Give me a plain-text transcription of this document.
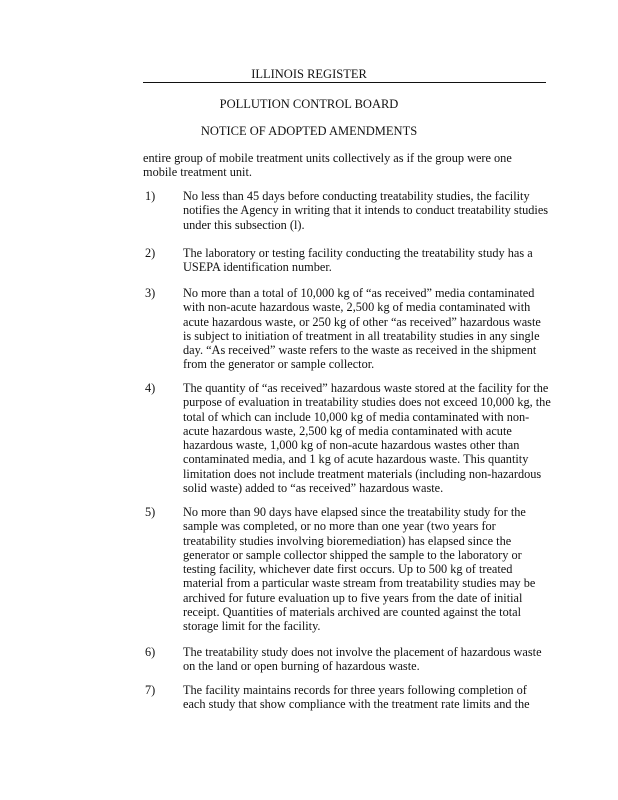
ILLINOIS REGISTER
POLLUTION CONTROL BOARD
NOTICE OF ADOPTED AMENDMENTS
entire group of mobile treatment units collectively as if the group were one
mobile treatment unit.
1) No less than 45 days before conducting treatability studies, the facility
notifies the Agency in writing that it intends to conduct treatability studies
under this subsection (l).
2) The laboratory or testing facility conducting the treatability study has a
USEPA identification number.
3) No more than a total of 10,000 kg of “as received” media contaminated
with non-acute hazardous waste, 2,500 kg of media contaminated with
acute hazardous waste, or 250 kg of other “as received” hazardous waste
is subject to initiation of treatment in all treatability studies in any single
day. “As received” waste refers to the waste as received in the shipment
from the generator or sample collector.
4) The quantity of “as received” hazardous waste stored at the facility for the
purpose of evaluation in treatability studies does not exceed 10,000 kg, the
total of which can include 10,000 kg of media contaminated with non-
acute hazardous waste, 2,500 kg of media contaminated with acute
hazardous waste, 1,000 kg of non-acute hazardous wastes other than
contaminated media, and 1 kg of acute hazardous waste. This quantity
limitation does not include treatment materials (including non-hazardous
solid waste) added to “as received” hazardous waste.
5) No more than 90 days have elapsed since the treatability study for the
sample was completed, or no more than one year (two years for
treatability studies involving bioremediation) has elapsed since the
generator or sample collector shipped the sample to the laboratory or
testing facility, whichever date first occurs. Up to 500 kg of treated
material from a particular waste stream from treatability studies may be
archived for future evaluation up to five years from the date of initial
receipt. Quantities of materials archived are counted against the total
storage limit for the facility.
6) The treatability study does not involve the placement of hazardous waste
on the land or open burning of hazardous waste.
7) The facility maintains records for three years following completion of
each study that show compliance with the treatment rate limits and the
